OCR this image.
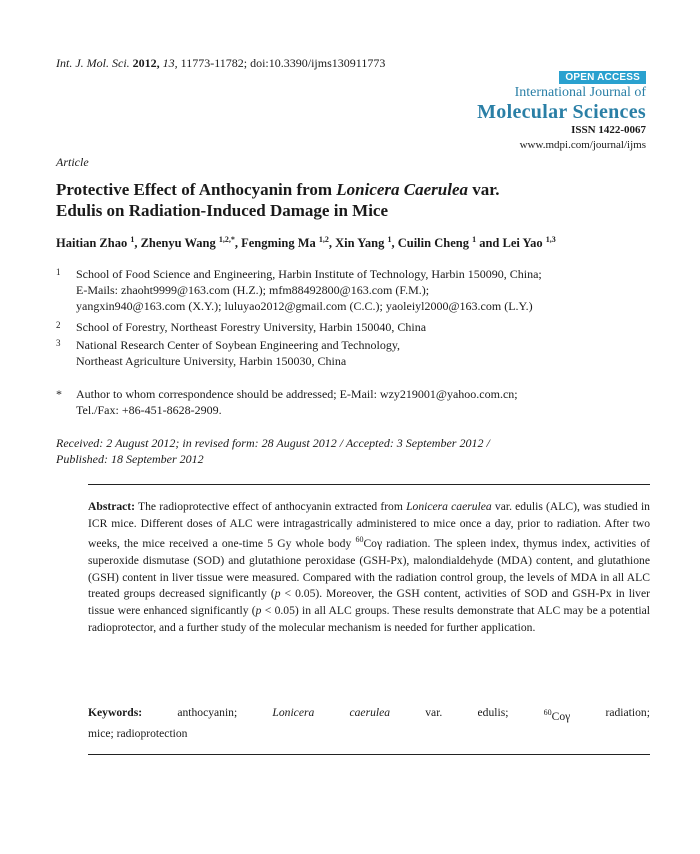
Int. J. Mol. Sci. 2012, 13, 11773-11782; doi:10.3390/ijms130911773
OPEN ACCESS
International Journal of
Molecular Sciences
ISSN 1422-0067
www.mdpi.com/journal/ijms
Article
Protective Effect of Anthocyanin from Lonicera Caerulea var.
Edulis on Radiation-Induced Damage in Mice
Haitian Zhao $^1$, Zhenyu Wang $^{1,2,*}$, Fengming Ma $^{1,2}$, Xin Yang $^1$, Cuilin Cheng $^1$ and Lei Yao $^{1,3}$
1 School of Food Science and Engineering, Harbin Institute of Technology, Harbin 150090, China;
E-Mails: zhaoht9999@163.com (H.Z.); mfm88492800@163.com (F.M.);
yangxin940@163.com (X.Y.); luluyao2012@gmail.com (C.C.); yaoleiyl2000@163.com (L.Y.)
2 School of Forestry, Northeast Forestry University, Harbin 150040, China
3 National Research Center of Soybean Engineering and Technology,
Northeast Agriculture University, Harbin 150030, China
* Author to whom correspondence should be addressed; E-Mail: wzy219001@yahoo.com.cn;
Tel./Fax: +86-451-8628-2909.
Received: 2 August 2012; in revised form: 28 August 2012 / Accepted: 3 September 2012 /
Published: 18 September 2012
Abstract: The radioprotective effect of anthocyanin extracted from Lonicera caerulea var. edulis (ALC), was studied in ICR mice. Different doses of ALC were intragastrically administered to mice once a day, prior to radiation. After two weeks, the mice received a one-time 5 Gy whole body $^{60}$Coγ radiation. The spleen index, thymus index, activities of superoxide dismutase (SOD) and glutathione peroxidase (GSH-Px), malondialdehyde (MDA) content, and glutathione (GSH) content in liver tissue were measured. Compared with the radiation control group, the levels of MDA in all ALC treated groups decreased significantly (p < 0.05). Moreover, the GSH content, activities of SOD and GSH-Px in liver tissue were enhanced significantly (p < 0.05) in all ALC groups. These results demonstrate that ALC may be a potential radioprotector, and a further study of the molecular mechanism is needed for further application.
Keywords:	anthocyanin;	Lonicera	caerulea	var.	edulis;	$^{60}$Coγ	radiation;
mice; radioprotection
